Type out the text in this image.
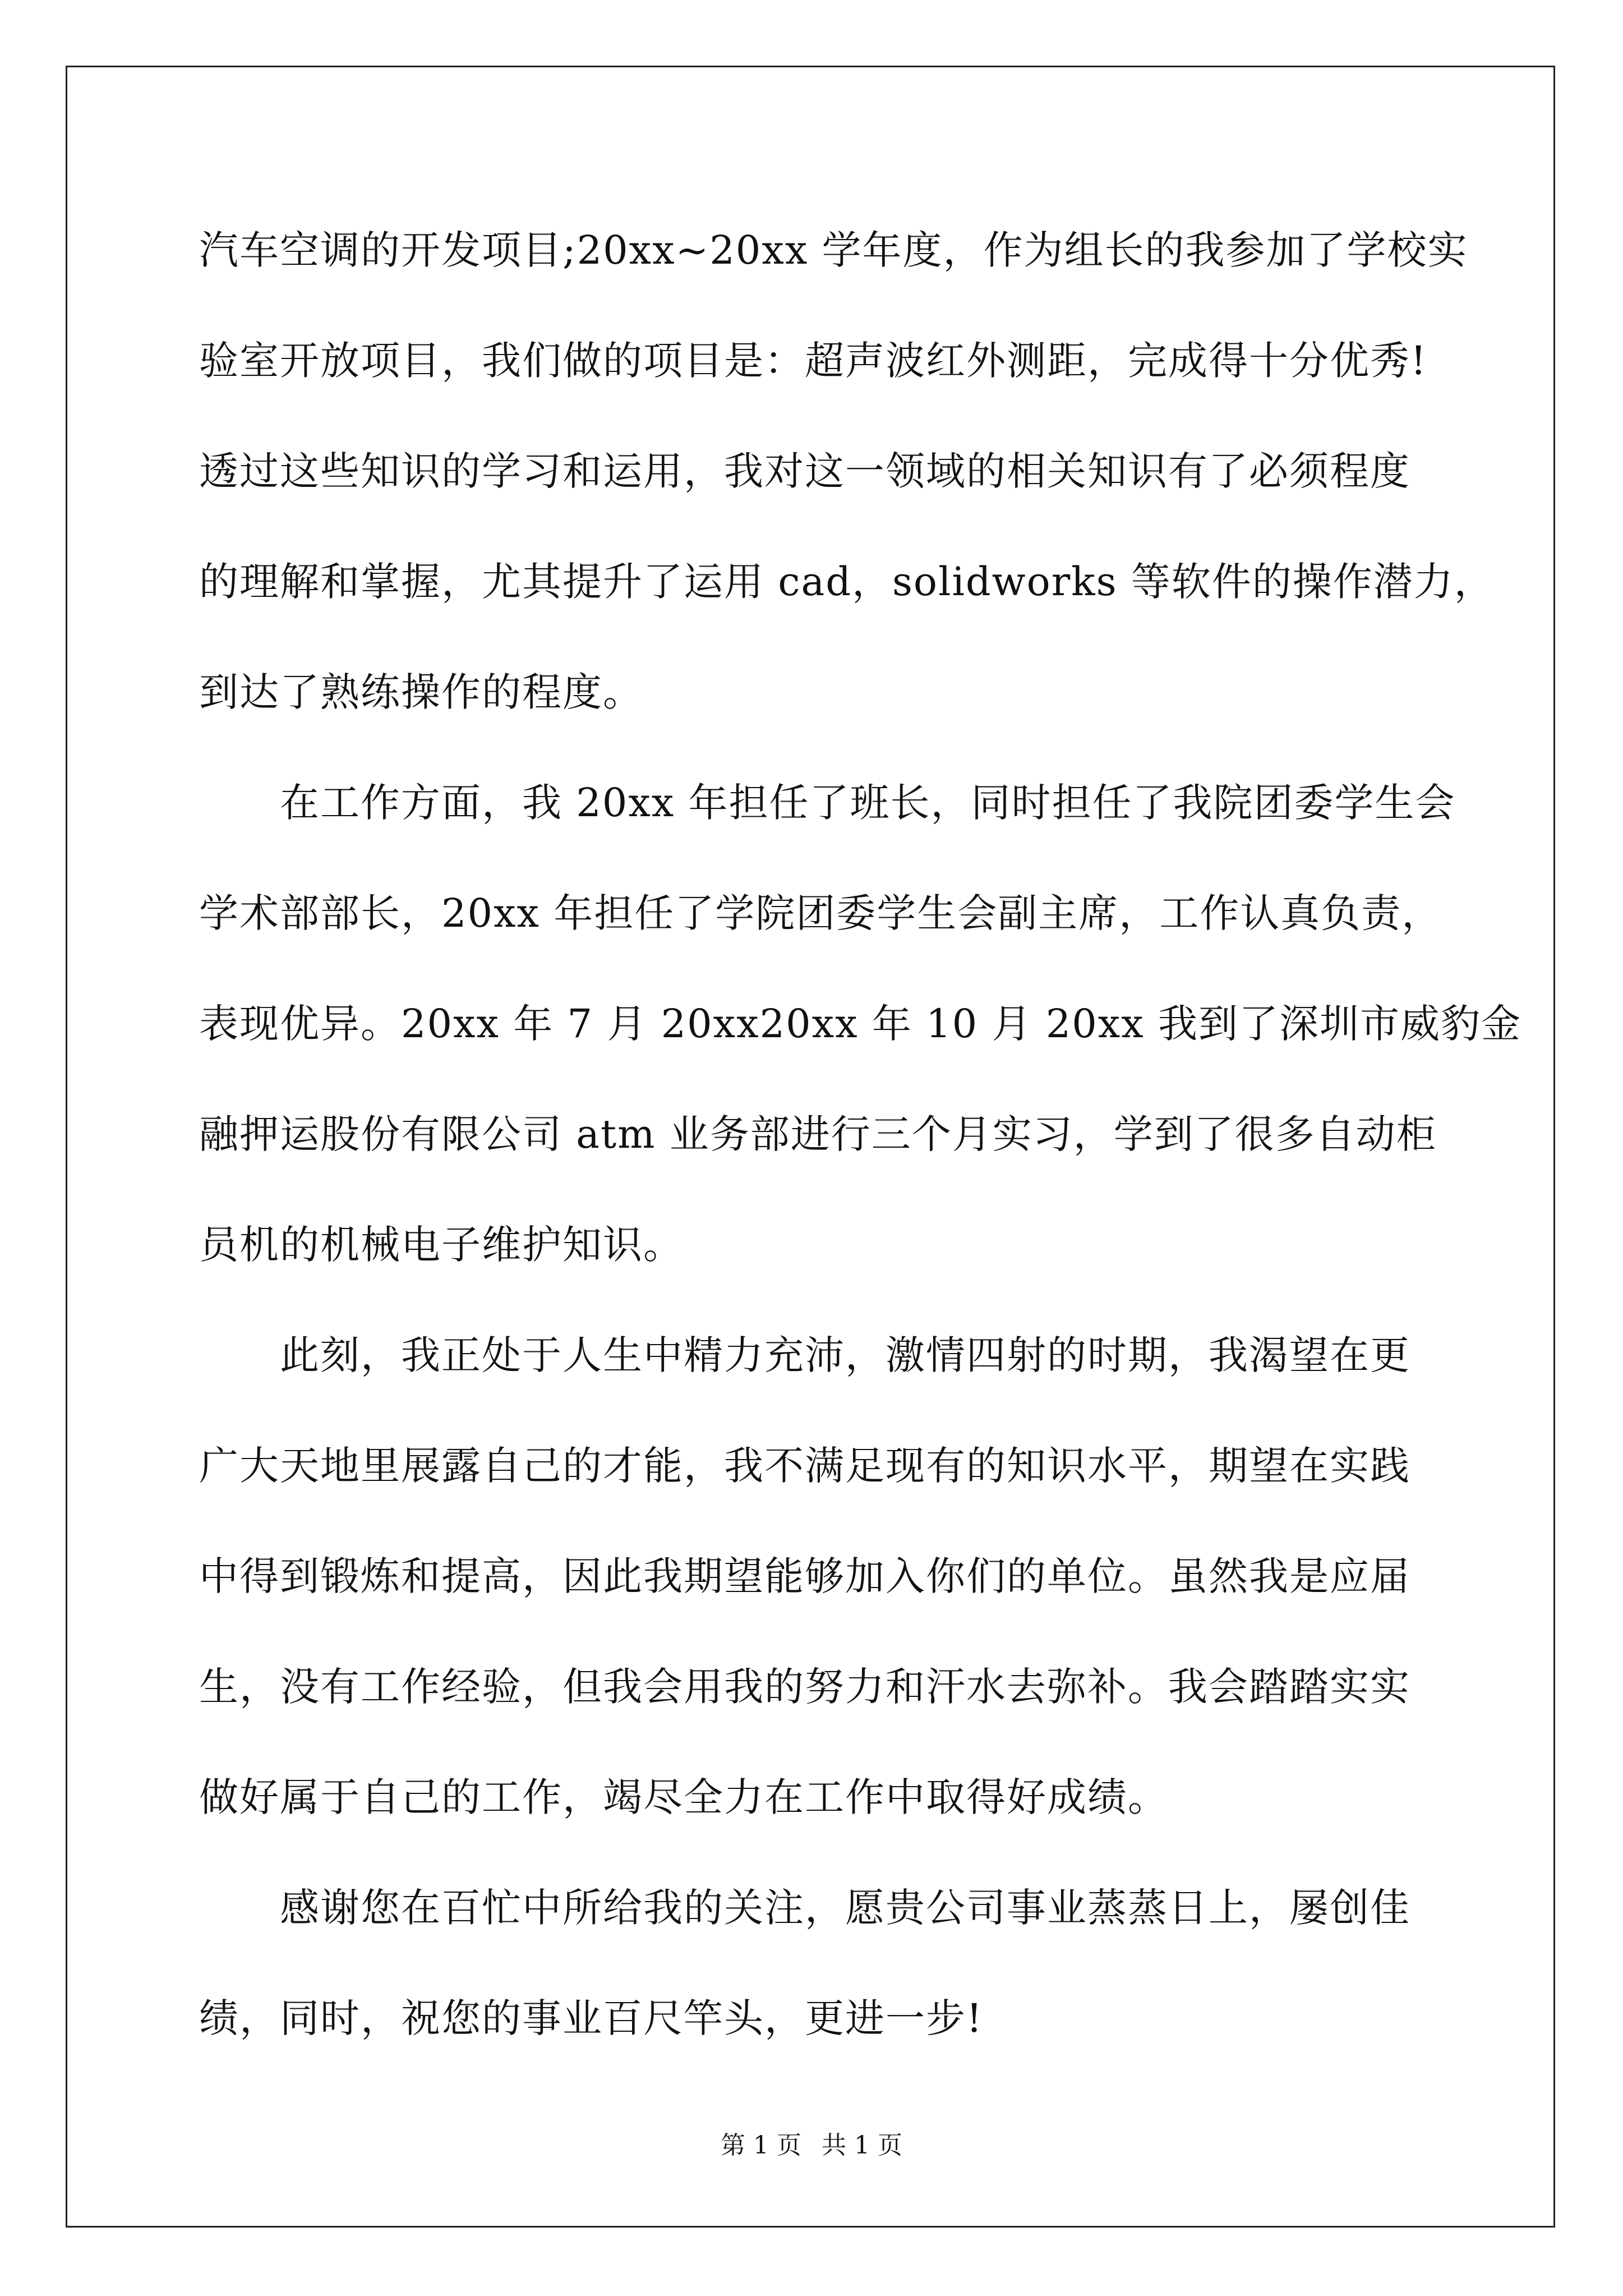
汽车空调的开发项目;20xx~20xx 学年度，作为组长的我参加了学校实
验室开放项目，我们做的项目是：超声波红外测距，完成得十分优秀!
透过这些知识的学习和运用，我对这一领域的相关知识有了必须程度
的理解和掌握，尤其提升了运用 cad，solidworks 等软件的操作潜力，
到达了熟练操作的程度。
　　在工作方面，我 20xx 年担任了班长，同时担任了我院团委学生会
学术部部长，20xx 年担任了学院团委学生会副主席，工作认真负责，
表现优异。20xx 年 7 月 20xx20xx 年 10 月 20xx 我到了深圳市威豹金
融押运股份有限公司 atm 业务部进行三个月实习，学到了很多自动柜
员机的机械电子维护知识。
　　此刻，我正处于人生中精力充沛，激情四射的时期，我渴望在更
广大天地里展露自己的才能，我不满足现有的知识水平，期望在实践
中得到锻炼和提高，因此我期望能够加入你们的单位。虽然我是应届
生，没有工作经验，但我会用我的努力和汗水去弥补。我会踏踏实实
做好属于自己的工作，竭尽全力在工作中取得好成绩。
　　感谢您在百忙中所给我的关注，愿贵公司事业蒸蒸日上，屡创佳
绩，同时，祝您的事业百尺竿头，更进一步!
第 1 页 共 1 页
